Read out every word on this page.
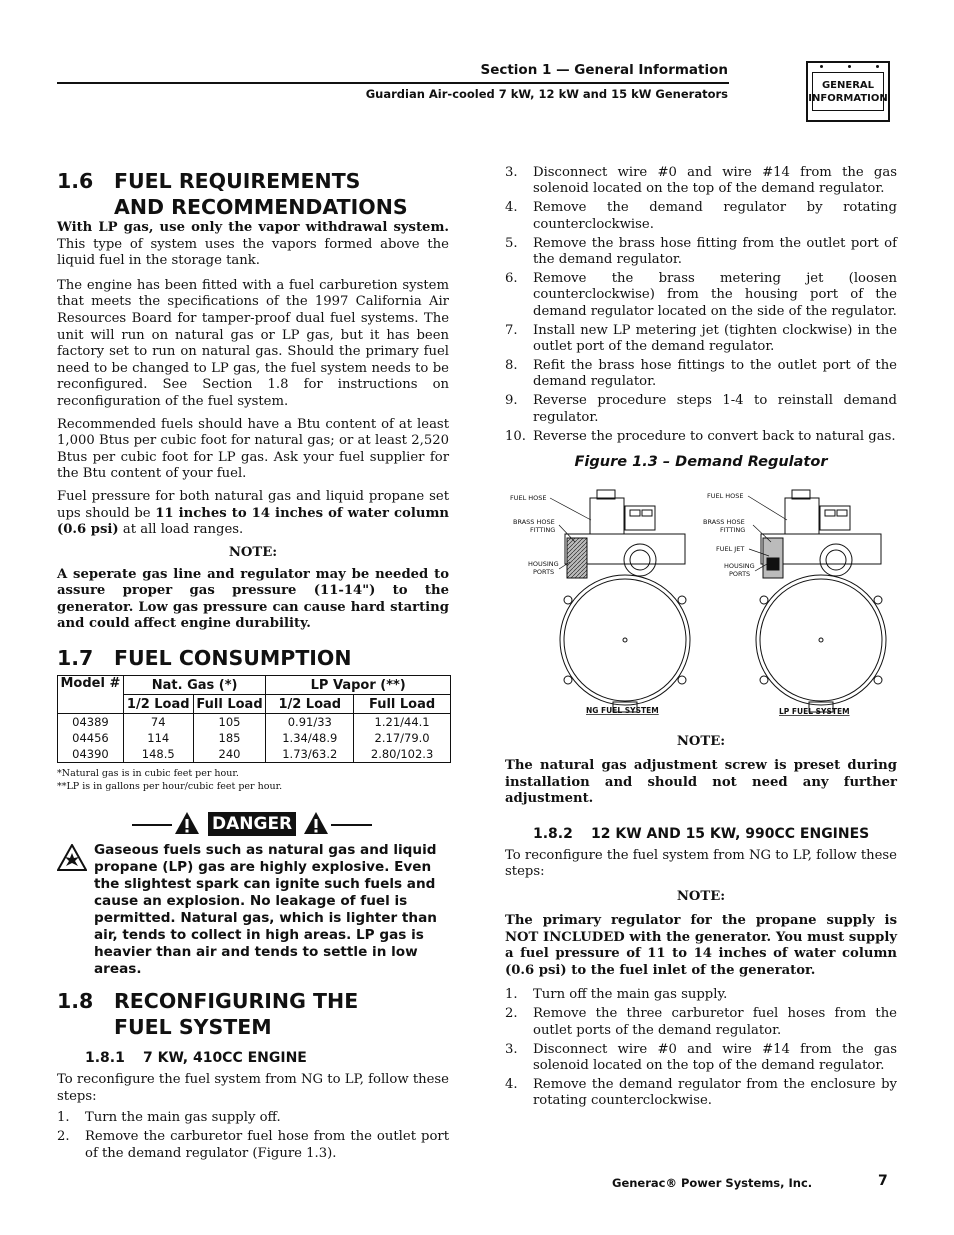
Section 1 — General Information
Guardian Air-cooled 7 kW, 12 kW and 15 kW Generators
GENERAL
INFORMATION
1.6	FUEL REQUIREMENTS
AND RECOMMENDATIONS

With LP gas, use only the vapor withdrawal system. This type of system uses the vapors formed above the liquid fuel in the storage tank.

The engine has been fitted with a fuel carburetion system that meets the specifications of the 1997 California Air Resources Board for tamper-proof dual fuel systems. The unit will run on natural gas or LP gas, but it has been factory set to run on natural gas. Should the primary fuel need to be changed to LP gas, the fuel system needs to be reconfigured. See Section 1.8 for instructions on reconfiguration of the fuel system.

Recommended fuels should have a Btu content of at least 1,000 Btus per cubic foot for natural gas; or at least 2,520 Btus per cubic foot for LP gas. Ask your fuel supplier for the Btu content of your fuel.

Fuel pressure for both natural gas and liquid propane set ups should be 11 inches to 14 inches of water column (0.6 psi) at all load ranges.

NOTE:

A seperate gas line and regulator may be needed to assure proper gas pressure (11-14") to the generator. Low gas pressure can cause hard starting and could affect engine durability.

1.7	FUEL CONSUMPTION
Model #	Nat. Gas (*)		LP Vapor (**)	
	1/2 Load	Full Load	1/2 Load	Full Load
04389	74	105	0.91/33	1.21/44.1
04456	114	185	1.34/48.9	2.17/79.0
04390	148.5	240	1.73/63.2	2.80/102.3
*Natural gas is in cubic feet per hour.
**LP is in gallons per hour/cubic feet per hour.
DANGER
Gaseous fuels such as natural gas and liquid propane (LP) gas are highly explosive. Even the slightest spark can ignite such fuels and cause an explosion. No leakage of fuel is permitted. Natural gas, which is lighter than air, tends to collect in high areas. LP gas is heavier than air and tends to settle in low areas.
1.8	RECONFIGURING THE
FUEL SYSTEM
1.8.1	7 KW, 410CC ENGINE

To reconfigure the fuel system from NG to LP, follow these steps:

1.	Turn the main gas supply off.
2.	Remove the carburetor fuel hose from the outlet port of the demand regulator (Figure 1.3).
3.	Disconnect wire #0 and wire #14 from the gas solenoid located on the top of the demand regulator.
4.	Remove the demand regulator by rotating counterclockwise.
5.	Remove the brass hose fitting from the outlet port of the demand regulator.
6.	Remove the brass metering jet (loosen counterclockwise) from the housing port of the demand regulator located on the side of the regulator.
7.	Install new LP metering jet (tighten clockwise) in the outlet port of the demand regulator.
8.	Refit the brass hose fittings to the outlet port of the demand regulator.
9.	Reverse procedure steps 1-4 to reinstall demand regulator.
10. Reverse the procedure to convert back to natural gas.
Figure 1.3 – Demand Regulator
FUEL HOSE
BRASS HOSE
FITTING
HOUSING
PORTS
FUEL HOSE
BRASS HOSE
FITTING
FUEL JET
HOUSING
PORTS
NG FUEL SYSTEM	LP FUEL SYSTEM

NOTE:

The natural gas adjustment screw is preset during installation and should not need any further adjustment.

1.8.2	12 KW AND 15 KW, 990CC ENGINES

To reconfigure the fuel system from NG to LP, follow these steps:

NOTE:

The primary regulator for the propane supply is NOT INCLUDED with the generator. You must supply a fuel pressure of 11 to 14 inches of water column (0.6 psi) to the fuel inlet of the generator.

1.	Turn off the main gas supply.
2.	Remove the three carburetor fuel hoses from the outlet ports of the demand regulator.
3.	Disconnect wire #0 and wire #14 from the gas solenoid located on the top of the demand regulator.
4.	Remove the demand regulator from the enclosure by rotating counterclockwise.
Generac® Power Systems, Inc.	7
